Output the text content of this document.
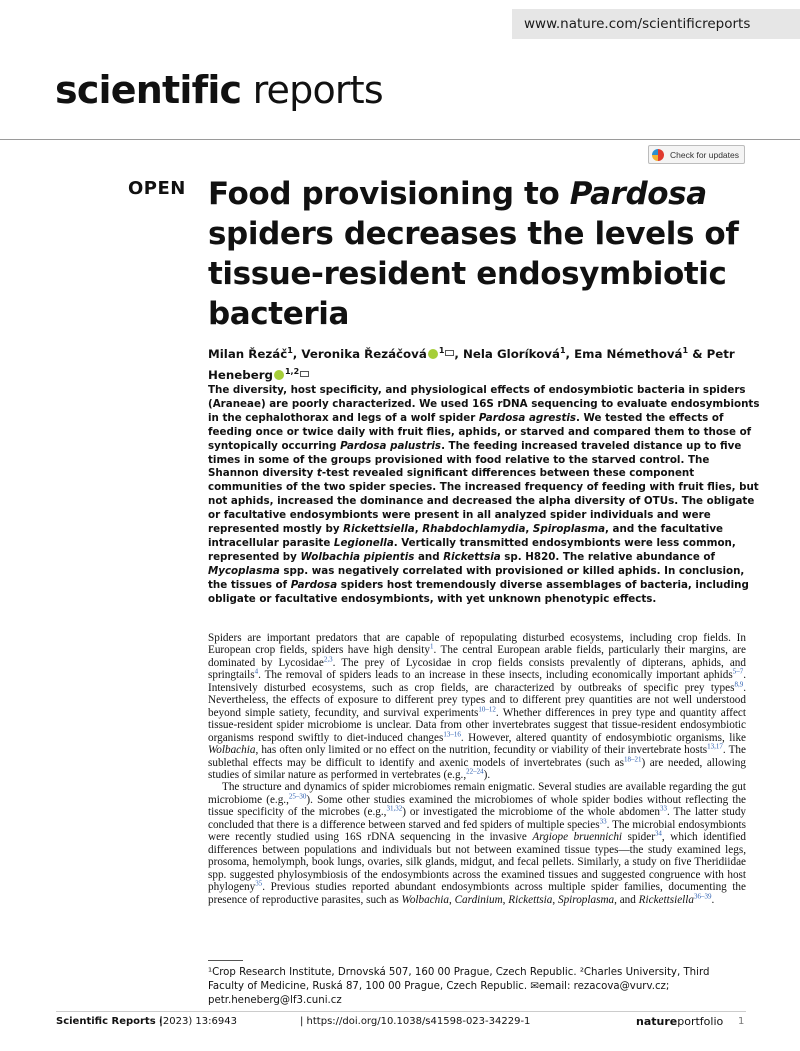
www.nature.com/scientificreports
scientific reports
Check for updates
OPEN Food provisioning to Pardosa spiders decreases the levels of tissue-resident endosymbiotic bacteria
Milan Řezáč$^1$, Veronika Řezáčová $^1$ , Nela Gloríková$^1$, Ema Némethová$^1$ & Petr Heneberg $^{1,2}$
The diversity, host specificity, and physiological effects of endosymbiotic bacteria in spiders (Araneae) are poorly characterized. We used 16S rDNA sequencing to evaluate endosymbionts in the cephalothorax and legs of a wolf spider Pardosa agrestis. We tested the effects of feeding once or twice daily with fruit flies, aphids, or starved and compared them to those of syntopically occurring Pardosa palustris. The feeding increased traveled distance up to five times in some of the groups provisioned with food relative to the starved control. The Shannon diversity t-test revealed significant differences between these component communities of the two spider species. The increased frequency of feeding with fruit flies, but not aphids, increased the dominance and decreased the alpha diversity of OTUs. The obligate or facultative endosymbionts were present in all analyzed spider individuals and were represented mostly by Rickettsiella, Rhabdochlamydia, Spiroplasma, and the facultative intracellular parasite Legionella. Vertically transmitted endosymbionts were less common, represented by Wolbachia pipientis and Rickettsia sp. H820. The relative abundance of Mycoplasma spp. was negatively correlated with provisioned or killed aphids. In conclusion, the tissues of Pardosa spiders host tremendously diverse assemblages of bacteria, including obligate or facultative endosymbionts, with yet unknown phenotypic effects.

Spiders are important predators that are capable of repopulating disturbed ecosystems, including crop fields. In European crop fields, spiders have high density$^1$. The central European arable fields, particularly their margins, are dominated by Lycosidae$^{2,3}$. The prey of Lycosidae in crop fields consists prevalently of dipterans, aphids, and springtails$^4$. The removal of spiders leads to an increase in these insects, including economically important aphids$^{5-7}$. Intensively disturbed ecosystems, such as crop fields, are characterized by outbreaks of specific prey types$^{8,9}$. Nevertheless, the effects of exposure to different prey types and to different prey quantities are not well understood beyond simple satiety, fecundity, and survival experiments$^{10-12}$. Whether differences in prey type and quantity affect tissue-resident spider microbiome is unclear. Data from other invertebrates suggest that tissue-resident endosymbiotic organisms respond swiftly to diet-induced changes$^{13-16}$. However, altered quantity of endosymbiotic organisms, like Wolbachia, has often only limited or no effect on the nutrition, fecundity or viability of their invertebrate hosts$^{13,17}$. The sublethal effects may be difficult to identify and axenic models of invertebrates (such $as^{18-21}$) are needed, allowing studies of similar nature as performed in vertebrates (e.g.,$^{22-24}$).

The structure and dynamics of spider microbiomes remain enigmatic. Several studies are available regarding the gut microbiome (e.g.,$^{25-30}$). Some other studies examined the microbiomes of whole spider bodies without reflecting the tissue specificity of the microbes (e.g.,$^{31,32}$) or investigated the microbiome of the whole abdomen$^{33}$. The latter study concluded that there is a difference between starved and fed spiders of multiple species$^{33}$. The microbial endosymbionts were recently studied using 16S rDNA sequencing in the invasive Argiope bruennichi spider$^{34}$, which identified differences between populations and individuals but not between examined tissue types—the study examined legs, prosoma, hemolymph, book lungs, ovaries, silk glands, midgut, and fecal pellets. Similarly, a study on five Theridiidae spp. suggested phylosymbiosis of the endosymbionts across the examined tissues and suggested congruence with host phylogeny$^{35}$. Previous studies reported abundant endosymbionts across multiple spider families, documenting the presence of reproductive parasites, such as Wolbachia, Cardinium, Rickettsia, Spiroplasma, and Rickettsiella$^{36-39}$.

¹Crop Research Institute, Drnovská 507, 160 00 Prague, Czech Republic. ²Charles University, Third Faculty of Medicine, Ruská 87, 100 00 Prague, Czech Republic. ✉email: rezacova@vurv.cz; petr.heneberg@lf3.cuni.cz
Scientific Reports |
(2023) 13:6943	| https://doi.org/10.1038/s41598-023-34229-1	natureportfolio 1
